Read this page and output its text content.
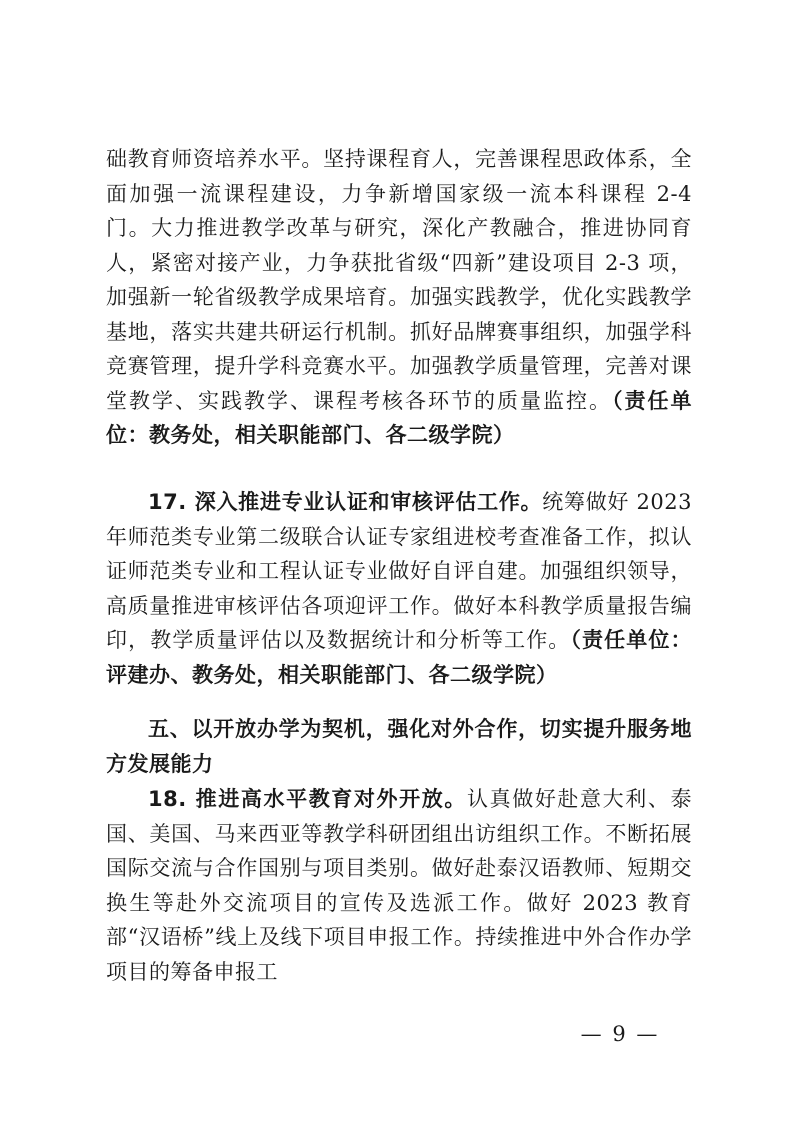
础教育师资培养水平。坚持课程育人，完善课程思政体系，全面加强一流课程建设，力争新增国家级一流本科课程 2-4 门。大力推进教学改革与研究，深化产教融合，推进协同育人，紧密对接产业，力争获批省级“四新”建设项目 2-3 项，加强新一轮省级教学成果培育。加强实践教学，优化实践教学基地，落实共建共研运行机制。抓好品牌赛事组织，加强学科竞赛管理，提升学科竞赛水平。加强教学质量管理，完善对课堂教学、实践教学、课程考核各环节的质量监控。（责任单位：教务处，相关职能部门、各二级学院）

17. 深入推进专业认证和审核评估工作。统筹做好 2023 年师范类专业第二级联合认证专家组进校考查准备工作，拟认证师范类专业和工程认证专业做好自评自建。加强组织领导，高质量推进审核评估各项迎评工作。做好本科教学质量报告编印，教学质量评估以及数据统计和分析等工作。（责任单位：评建办、教务处，相关职能部门、各二级学院）

五、以开放办学为契机，强化对外合作，切实提升服务地方发展能力

18. 推进高水平教育对外开放。认真做好赴意大利、泰国、美国、马来西亚等教学科研团组出访组织工作。不断拓展国际交流与合作国别与项目类别。做好赴泰汉语教师、短期交换生等赴外交流项目的宣传及选派工作。做好 2023 教育部“汉语桥”线上及线下项目申报工作。持续推进中外合作办学项目的筹备申报工

— 9 —
